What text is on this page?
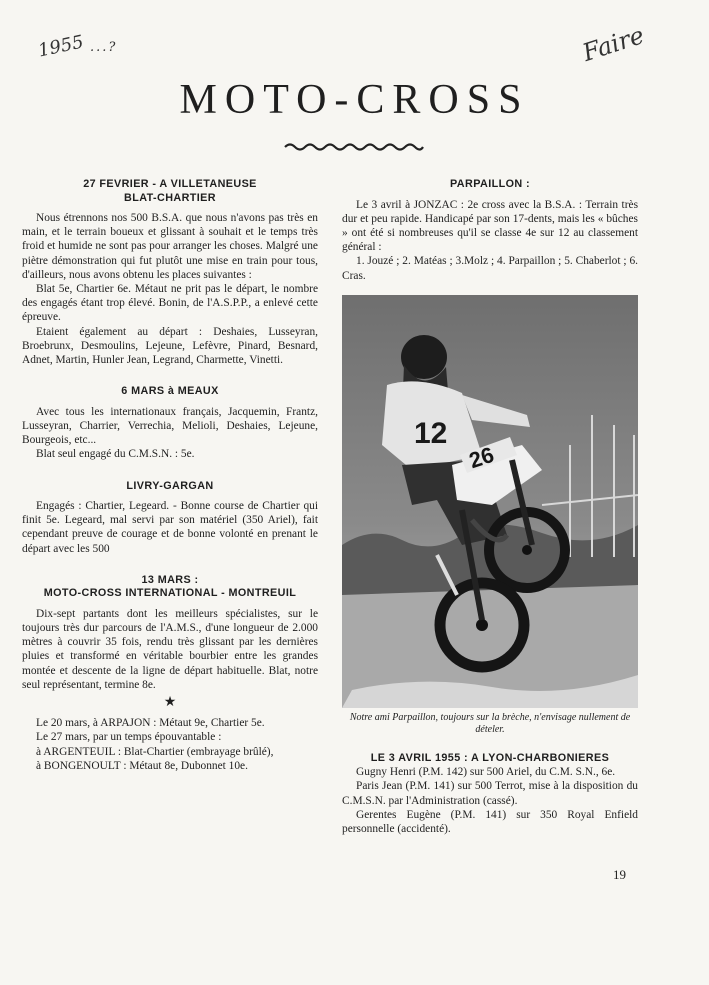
1955 ...?	Faire
MOTO-CROSS

27 FEVRIER - A VILLETANEUSE

BLAT-CHARTIER

Nous étrennons nos 500 B.S.A. que nous n'avons pas très en main, et le terrain boueux et glissant à souhait et le temps très froid et humide ne sont pas pour arranger les choses. Malgré une piètre démonstration qui fut plutôt une mise en train pour tous, d'ailleurs, nous avons obtenu les places suivantes :

Blat 5e, Chartier 6e. Métaut ne prit pas le départ, le nombre des engagés étant trop élevé. Bonin, de l'A.S.P.P., a enlevé cette épreuve.

Etaient également au départ : Deshaies, Lusseyran, Broebrunx, Desmoulins, Lejeune, Lefèvre, Pinard, Besnard, Adnet, Martin, Hunler Jean, Legrand, Charmette, Vinetti.

6 MARS à MEAUX

Avec tous les internationaux français, Jacquemin, Frantz, Lusseyran, Charrier, Verrechia, Melioli, Deshaies, Lejeune, Bourgeois, etc...

Blat seul engagé du C.M.S.N. : 5e.

LIVRY-GARGAN

Engagés : Chartier, Legeard. - Bonne course de Chartier qui finit 5e. Legeard, mal servi par son matériel (350 Ariel), fait cependant preuve de courage et de bonne volonté en prenant le départ avec les 500

13 MARS :

MOTO-CROSS INTERNATIONAL - MONTREUIL

Dix-sept partants dont les meilleurs spécialistes, sur le toujours très dur parcours de l'A.M.S., d'une longueur de 2.000 mètres à couvrir 35 fois, rendu très glissant par les dernières pluies et transformé en véritable bourbier entre les grandes montée et descente de la ligne de départ habituelle. Blat, notre seul représentant, termine 8e.

★

Le 20 mars, à ARPAJON : Métaut 9e, Chartier 5e.

Le 27 mars, par un temps épouvantable :

à ARGENTEUIL : Blat-Chartier (embrayage brûlé),

à BONGENOULT : Métaut 8e, Dubonnet 10e.

PARPAILLON :

Le 3 avril à JONZAC : 2e cross avec la B.S.A. : Terrain très dur et peu rapide. Handicapé par son 17-dents, mais les « bûches » ont été si nombreuses qu'il se classe 4e sur 12 au classement général :

1. Jouzé ; 2. Matéas ; 3.Molz ; 4. Parpaillon ; 5. Chaberlot ; 6. Cras.

12
26

Notre ami Parpaillon, toujours sur la brèche, n'envisage nullement de dételer.

LE 3 AVRIL 1955 : A LYON-CHARBONIERES

Gugny Henri (P.M. 142) sur 500 Ariel, du C.M. S.N., 6e.

Paris Jean (P.M. 141) sur 500 Terrot, mise à la disposition du C.M.S.N. par l'Administration (cassé).

Gerentes Eugène (P.M. 141) sur 350 Royal Enfield personnelle (accidenté).

19
